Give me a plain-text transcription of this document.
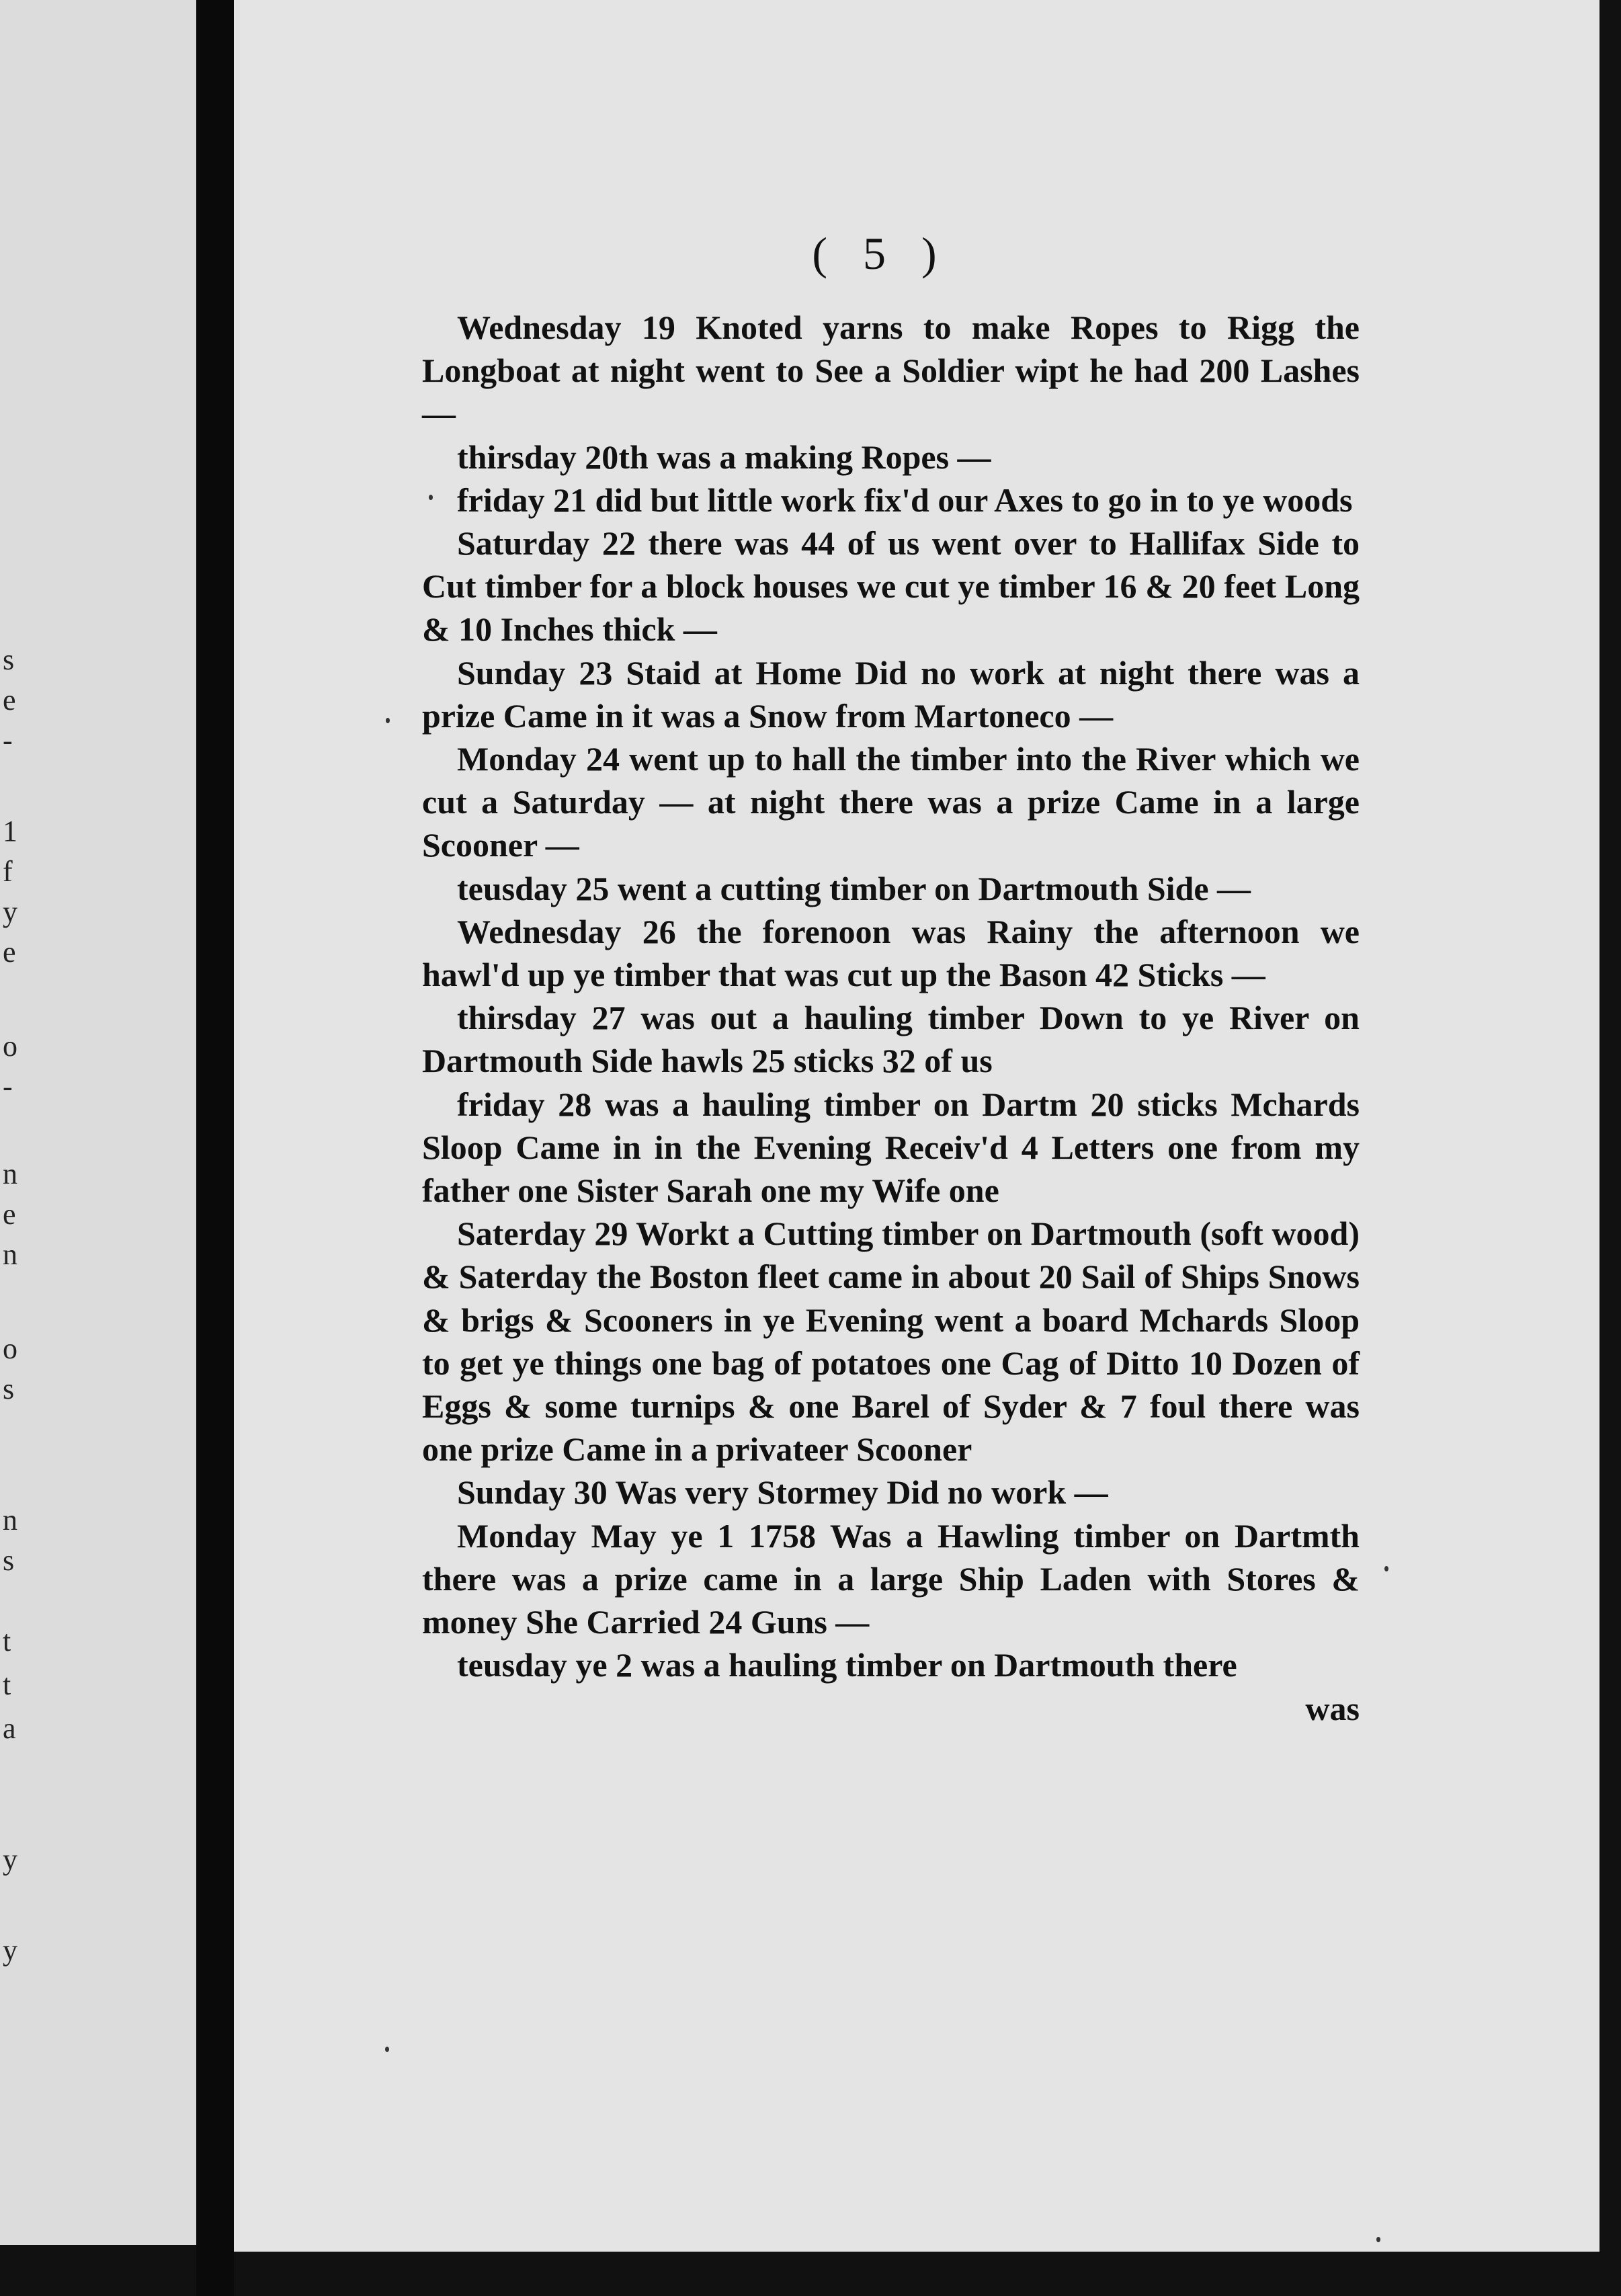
s
e
-
1
f
y
e
o
-
n
e
n
o
s
n
s
t
t
a
y
y
( 5 )

Wednesday 19 Knoted yarns to make Ropes to Rigg the Longboat at night went to See a Soldier wipt he had 200 Lashes —

thirsday 20th was a making Ropes —

friday 21 did but little work fix'd our Axes to go in to ye woods

Saturday 22 there was 44 of us went over to Hallifax Side to Cut timber for a block houses we cut ye timber 16 & 20 feet Long & 10 Inches thick —

Sunday 23 Staid at Home Did no work at night there was a prize Came in it was a Snow from Martoneco —

Monday 24 went up to hall the timber into the River which we cut a Saturday — at night there was a prize Came in a large Scooner —

teusday 25 went a cutting timber on Dartmouth Side —

Wednesday 26 the forenoon was Rainy the afternoon we hawl'd up ye timber that was cut up the Bason 42 Sticks —

thirsday 27 was out a hauling timber Down to ye River on Dartmouth Side hawls 25 sticks 32 of us

friday 28 was a hauling timber on Dartm 20 sticks Mchards Sloop Came in in the Evening Receiv'd 4 Letters one from my father one Sister Sarah one my Wife one

Saterday 29 Workt a Cutting timber on Dartmouth (soft wood) & Saterday the Boston fleet came in about 20 Sail of Ships Snows & brigs & Scooners in ye Evening went a board Mchards Sloop to get ye things one bag of potatoes one Cag of Ditto 10 Dozen of Eggs & some turnips & one Barel of Syder & 7 foul there was one prize Came in a privateer Scooner

Sunday 30 Was very Stormey Did no work —

Monday May ye 1 1758 Was a Hawling timber on Dartmth there was a prize came in a large Ship Laden with Stores & money She Carried 24 Guns —

teusday ye 2 was a hauling timber on Dartmouth there

was
